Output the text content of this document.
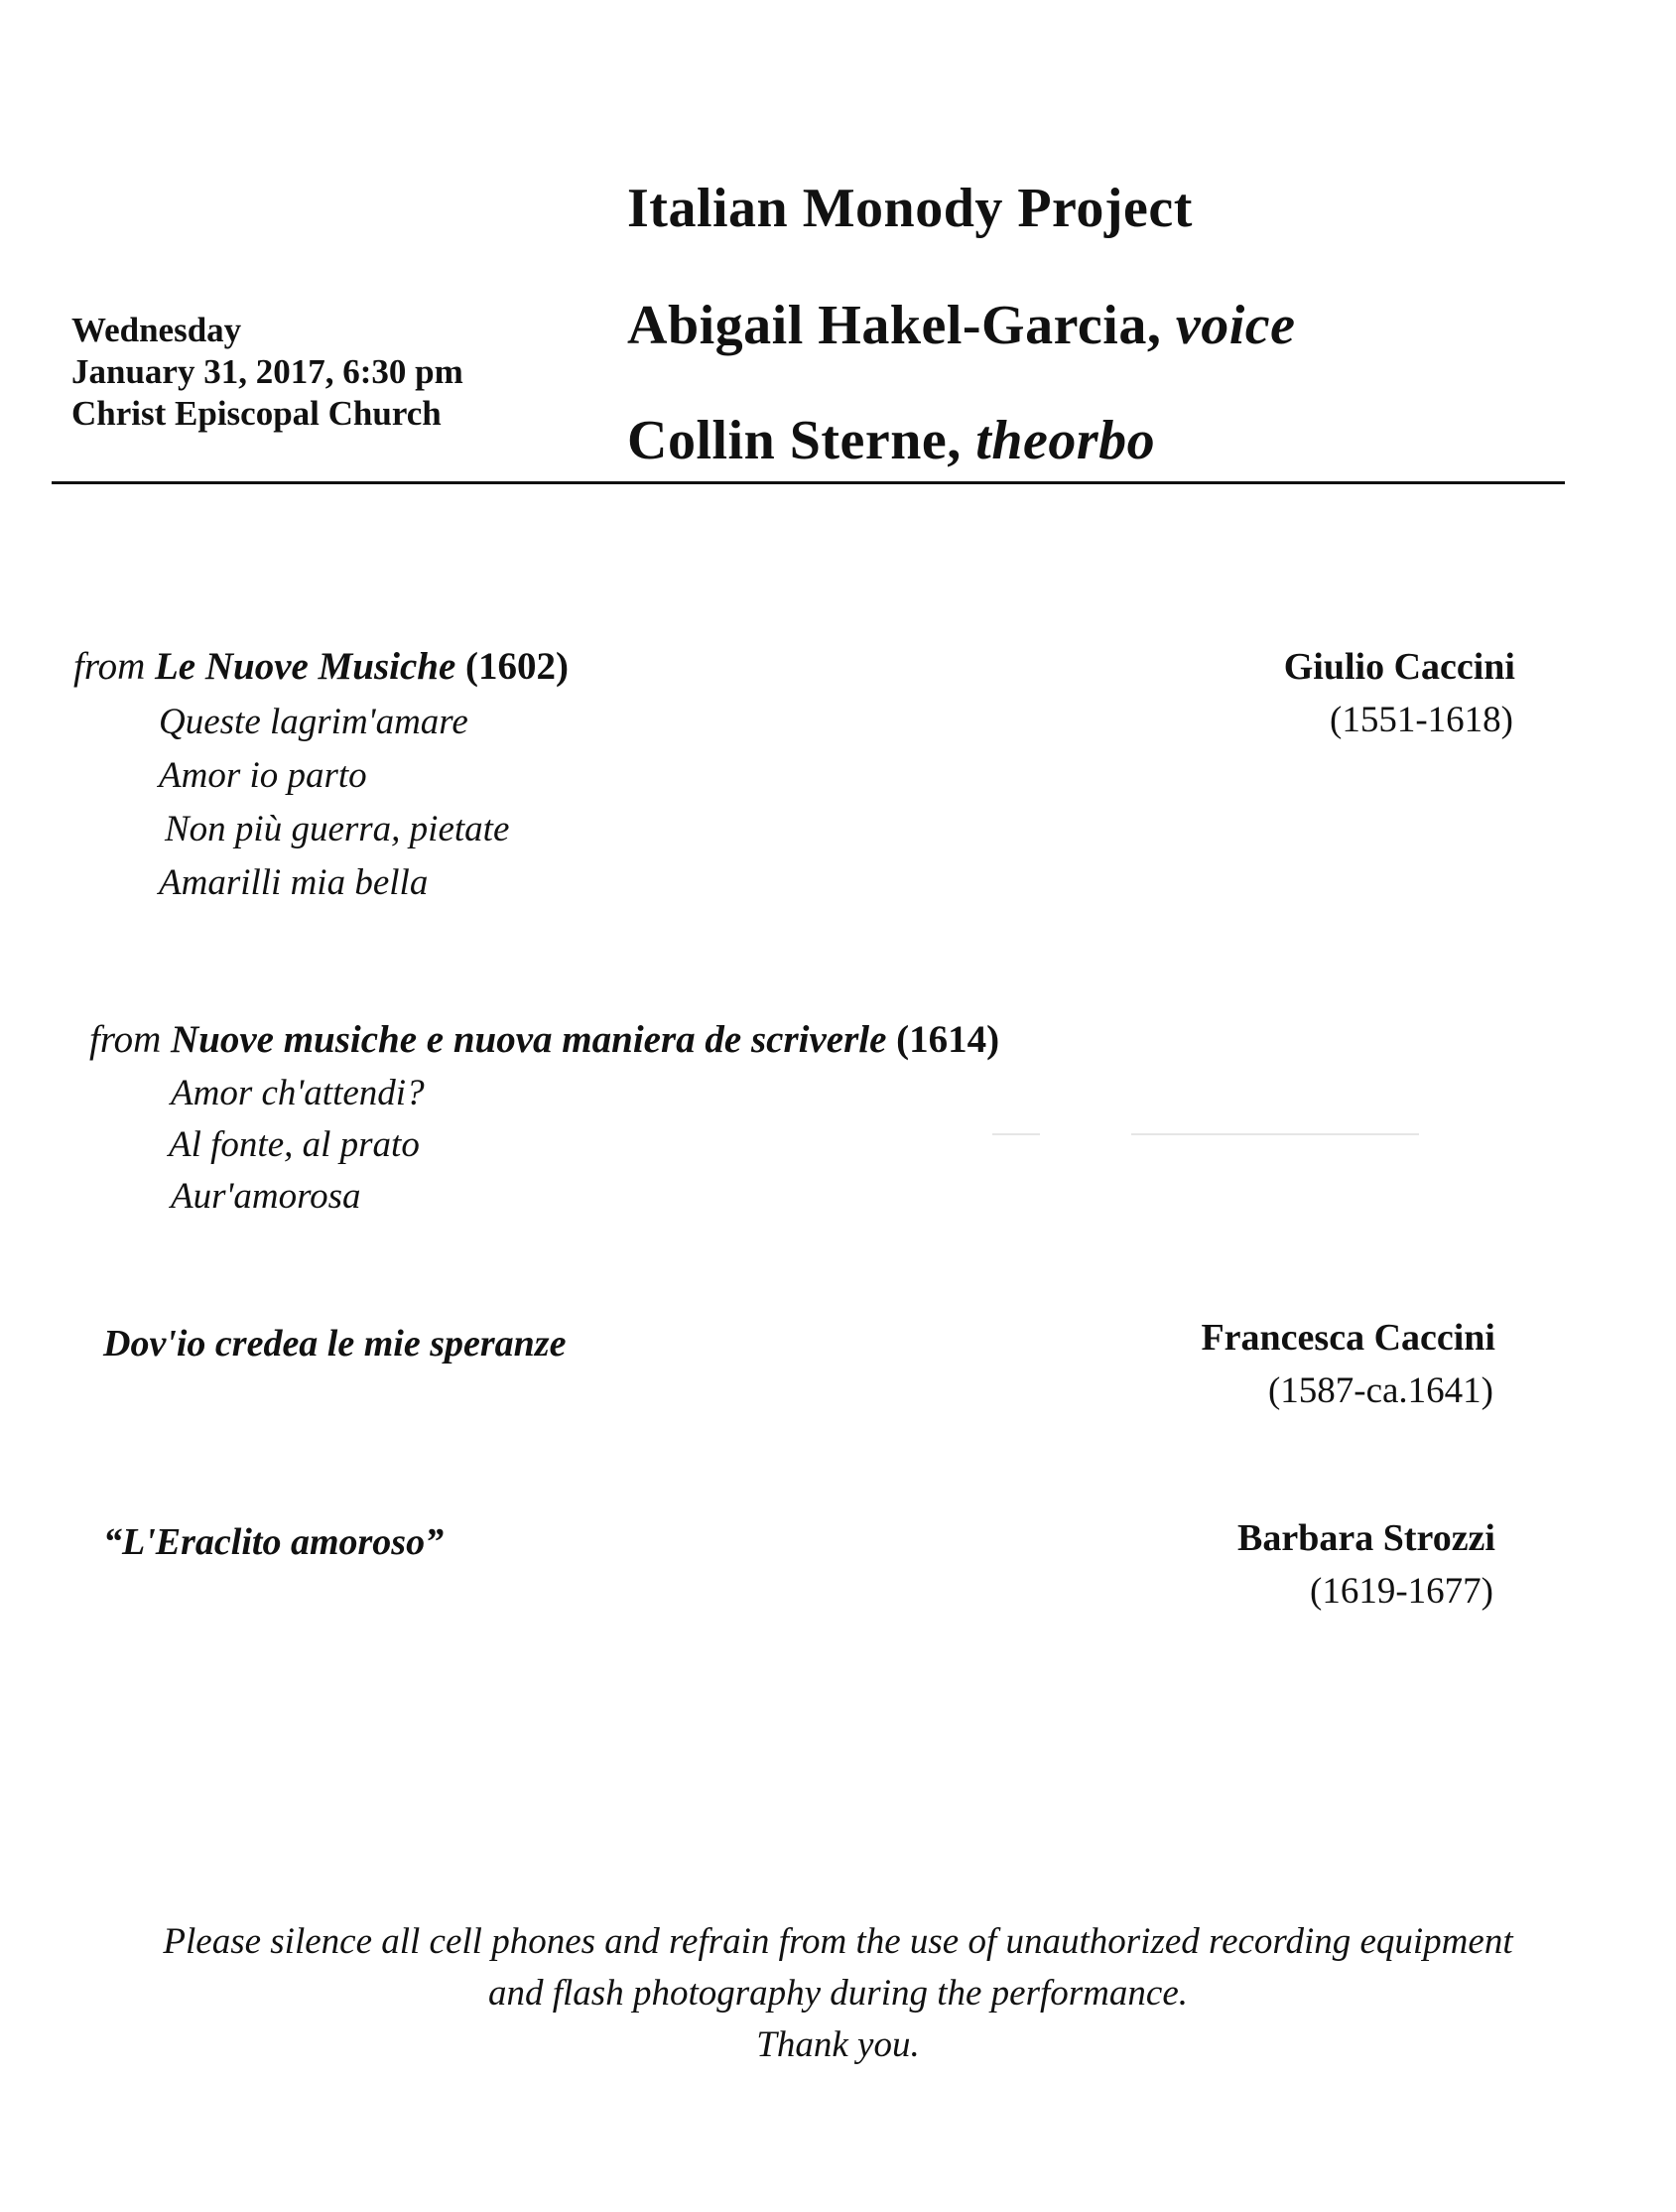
Wednesday
January 31, 2017, 6:30 pm
Christ Episcopal Church
Italian Monody Project
Abigail Hakel-Garcia, voice
Collin Sterne, theorbo
from Le Nuove Musiche (1602)
Queste lagrim'amare
Amor io parto
Non più guerra, pietate
Amarilli mia bella
Giulio Caccini
(1551-1618)
from Nuove musiche e nuova maniera de scriverle (1614)
Amor ch'attendi?
Al fonte, al prato
Aur'amorosa
Dov'io credea le mie speranze	Francesca Caccini
(1587-ca.1641)
“L'Eraclito amoroso”	Barbara Strozzi
(1619-1677)
Please silence all cell phones and refrain from the use of unauthorized recording equipment
and flash photography during the performance.
Thank you.
